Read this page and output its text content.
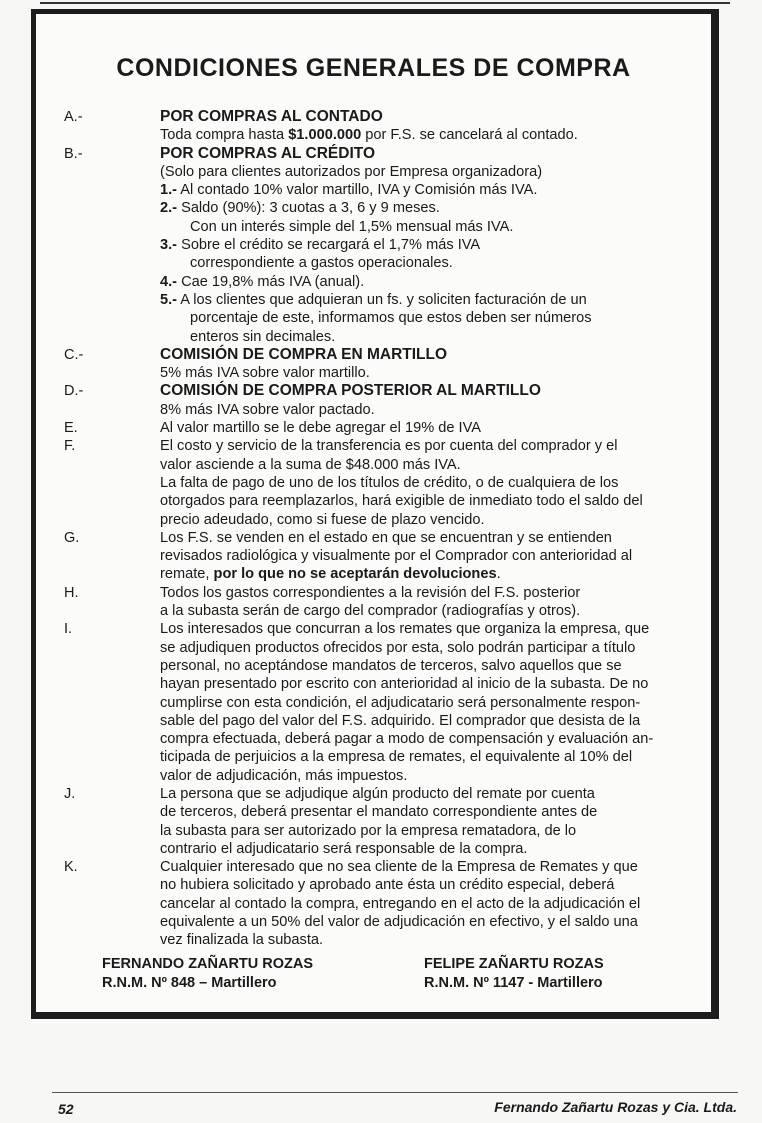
CONDICIONES GENERALES DE COMPRA
A.-	POR COMPRAS AL CONTADO
Toda compra hasta $1.000.000 por F.S. se cancelará al contado.
B.-	POR COMPRAS AL CRÉDITO
(Solo para clientes autorizados por Empresa organizadora)
1.- Al contado 10% valor martillo, IVA y Comisión más IVA.
2.- Saldo (90%): 3 cuotas a 3, 6 y 9 meses.
Con un interés simple del 1,5% mensual más IVA.
3.- Sobre el crédito se recargará el 1,7% más IVA
correspondiente a gastos operacionales.
4.- Cae 19,8% más IVA (anual).
5.- A los clientes que adquieran un fs. y soliciten facturación de un
porcentaje de este, informamos que estos deben ser números
enteros sin decimales.
C.-	COMISIÓN DE COMPRA EN MARTILLO
5% más IVA sobre valor martillo.
D.-	COMISIÓN DE COMPRA POSTERIOR AL MARTILLO
8% más IVA sobre valor pactado.
E.	Al valor martillo se le debe agregar el 19% de IVA
F.	El costo y servicio de la transferencia es por cuenta del comprador y el
valor asciende a la suma de $48.000 más IVA.
La falta de pago de uno de los títulos de crédito, o de cualquiera de los
otorgados para reemplazarlos, hará exigible de inmediato todo el saldo del
precio adeudado, como si fuese de plazo vencido.
G.	Los F.S. se venden en el estado en que se encuentran y se entienden
revisados radiológica y visualmente por el Comprador con anterioridad al
remate, por lo que no se aceptarán devoluciones.
H.	Todos los gastos correspondientes a la revisión del F.S. posterior
a la subasta serán de cargo del comprador (radiografías y otros).
I.	Los interesados que concurran a los remates que organiza la empresa, que
se adjudiquen productos ofrecidos por esta, solo podrán participar a título
personal, no aceptándose mandatos de terceros, salvo aquellos que se
hayan presentado por escrito con anterioridad al inicio de la subasta. De no
cumplirse con esta condición, el adjudicatario será personalmente respon-
sable del pago del valor del F.S. adquirido. El comprador que desista de la
compra efectuada, deberá pagar a modo de compensación y evaluación an-
ticipada de perjuicios a la empresa de remates, el equivalente al 10% del
valor de adjudicación, más impuestos.
J.	La persona que se adjudique algún producto del remate por cuenta
de terceros, deberá presentar el mandato correspondiente antes de
la subasta para ser autorizado por la empresa rematadora, de lo
contrario el adjudicatario será responsable de la compra.
K.	Cualquier interesado que no sea cliente de la Empresa de Remates y que
no hubiera solicitado y aprobado ante ésta un crédito especial, deberá
cancelar al contado la compra, entregando en el acto de la adjudicación el
equivalente a un 50% del valor de adjudicación en efectivo, y el saldo una
vez finalizada la subasta.
FERNANDO ZAÑARTU ROZAS
R.N.M. Nº 848 – Martillero
FELIPE ZAÑARTU ROZAS
R.N.M. Nº 1147 - Martillero
52	Fernando Zañartu Rozas y Cia. Ltda.
